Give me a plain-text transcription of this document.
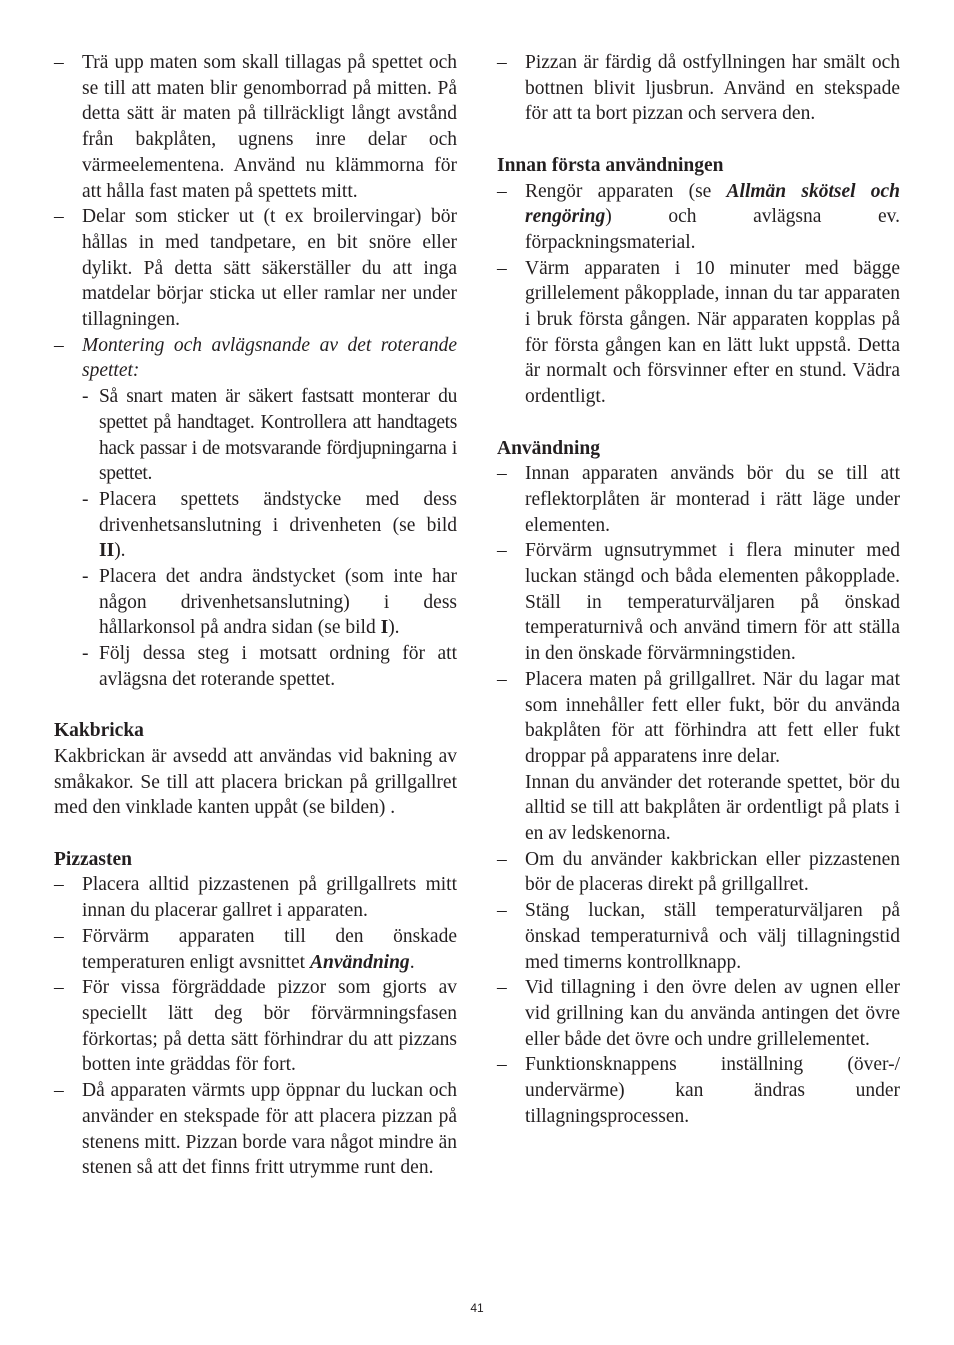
– Trä upp maten som skall tillagas på spettet och se till att maten blir genomborrad på mitten. På detta sätt är maten på tillräckligt långt avstånd från bakplåten, ugnens inre delar och värmeelementena. Använd nu klämmorna för att hålla fast maten på spettets mitt.
– Delar som sticker ut (t ex broilervingar) bör hållas in med tandpetare, en bit snöre eller dylikt. På detta sätt säkerställer du att inga matdelar börjar sticka ut eller ramlar ner under tillagningen.
– Montering och avlägsnande av det roterande spettet:
- Så snart maten är säkert fastsatt monterar du spettet på handtaget. Kontrollera att handtagets hack passar i de motsvarande fördjupningarna i spettet.
- Placera spettets ändstycke med dess drivenhetsanslutning i drivenheten (se bild II).
- Placera det andra ändstycket (som inte har någon drivenhetsanslutning) i dess hållarkonsol på andra sidan (se bild I).
- Följ dessa steg i motsatt ordning för att avlägsna det roterande spettet.

Kakbricka

Kakbrickan är avsedd att användas vid bakning av småkakor. Se till att placera brickan på grillgallret med den vinklade kanten uppåt (se bilden) .

Pizzasten

– Placera alltid pizzastenen på grillgallrets mitt innan du placerar gallret i apparaten.
– Förvärm apparaten till den önskade temperaturen enligt avsnittet Användning.
– För vissa förgräddade pizzor som gjorts av speciellt lätt deg bör förvärmningsfasen förkortas; på detta sätt förhindrar du att pizzans botten inte gräddas för fort.
– Då apparaten värmts upp öppnar du luckan och använder en stekspade för att placera pizzan på stenens mitt. Pizzan borde vara något mindre än stenen så att det finns fritt utrymme runt den.
– Pizzan är färdig då ostfyllningen har smält och bottnen blivit ljusbrun. Använd en stekspade för att ta bort pizzan och servera den.

Innan första användningen

– Rengör apparaten (se Allmän skötsel och rengöring) och avlägsna ev. förpackningsmaterial.
– Värm apparaten i 10 minuter med bägge grillelement påkopplade, innan du tar apparaten i bruk första gången. När apparaten kopplas på för första gången kan en lätt lukt uppstå. Detta är normalt och försvinner efter en stund. Vädra ordentligt.

Användning

– Innan apparaten används bör du se till att reflektorplåten är monterad i rätt läge under elementen.
– Förvärm ugnsutrymmet i flera minuter med luckan stängd och båda elementen påkopplade. Ställ in temperaturväljaren på önskad temperaturnivå och använd timern för att ställa in den önskade förvärmningstiden.
– Placera maten på grillgallret. När du lagar mat som innehåller fett eller fukt, bör du använda bakplåten för att förhindra att fett eller fukt droppar på apparatens inre delar.

Innan du använder det roterande spettet, bör du alltid se till att bakplåten är ordentligt på plats i en av ledskenorna.

– Om du använder kakbrickan eller pizzastenen bör de placeras direkt på grillgallret.
– Stäng luckan, ställ temperaturväljaren på önskad temperaturnivå och välj tillagningstid med timerns kontrollknapp.
– Vid tillagning i den övre delen av ugnen eller vid grillning kan du använda antingen det övre eller både det övre och undre grillelementet.
– Funktionsknappens inställning (över-/ undervärme) kan ändras under tillagningsprocessen.
41
